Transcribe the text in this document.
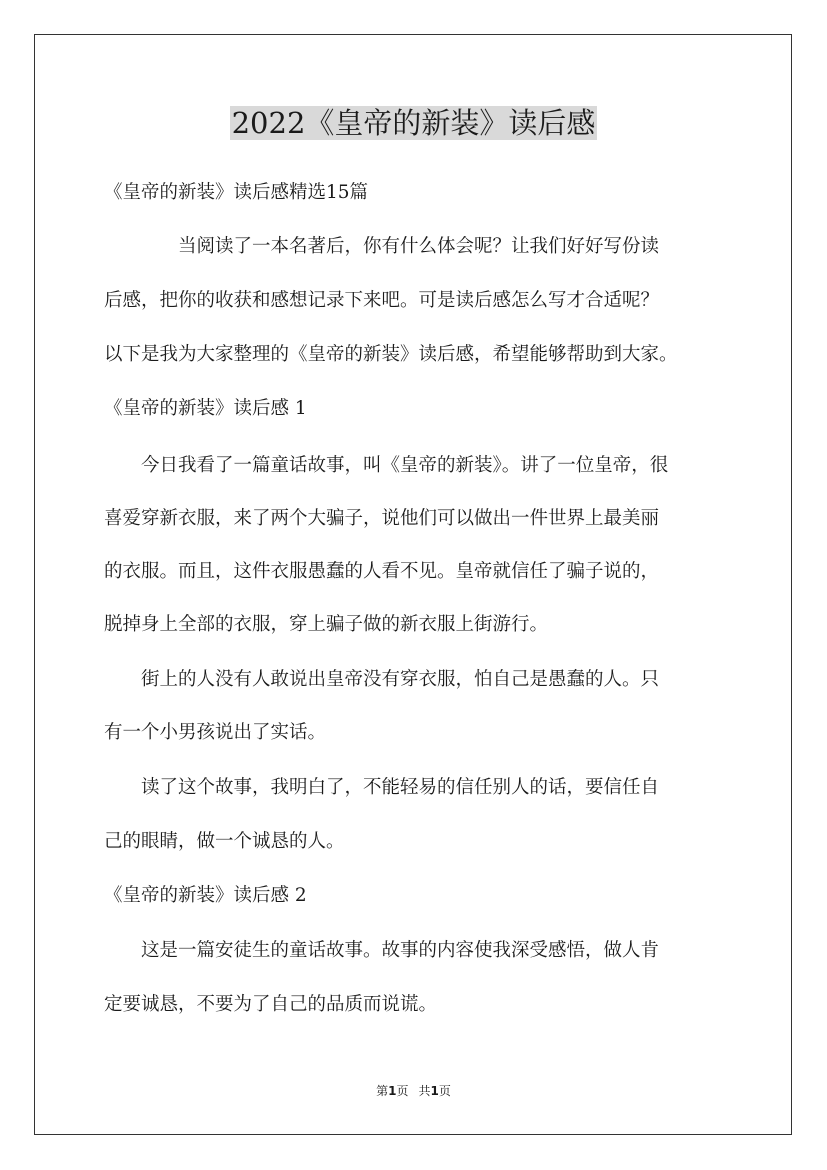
2022《皇帝的新装》读后感
《皇帝的新装》读后感精选15篇
当阅读了一本名著后，你有什么体会呢？让我们好好写份读
后感，把你的收获和感想记录下来吧。可是读后感怎么写才合适呢？
以下是我为大家整理的《皇帝的新装》读后感，希望能够帮助到大家。
《皇帝的新装》读后感 1
今日我看了一篇童话故事，叫《皇帝的新装》。讲了一位皇帝，很
喜爱穿新衣服，来了两个大骗子，说他们可以做出一件世界上最美丽
的衣服。而且，这件衣服愚蠢的人看不见。皇帝就信任了骗子说的，
脱掉身上全部的衣服，穿上骗子做的新衣服上街游行。
街上的人没有人敢说出皇帝没有穿衣服，怕自己是愚蠢的人。只
有一个小男孩说出了实话。
读了这个故事，我明白了，不能轻易的信任别人的话，要信任自
己的眼睛，做一个诚恳的人。
《皇帝的新装》读后感 2
这是一篇安徒生的童话故事。故事的内容使我深受感悟，做人肯
定要诚恳，不要为了自己的品质而说谎。
第1页 共1页
